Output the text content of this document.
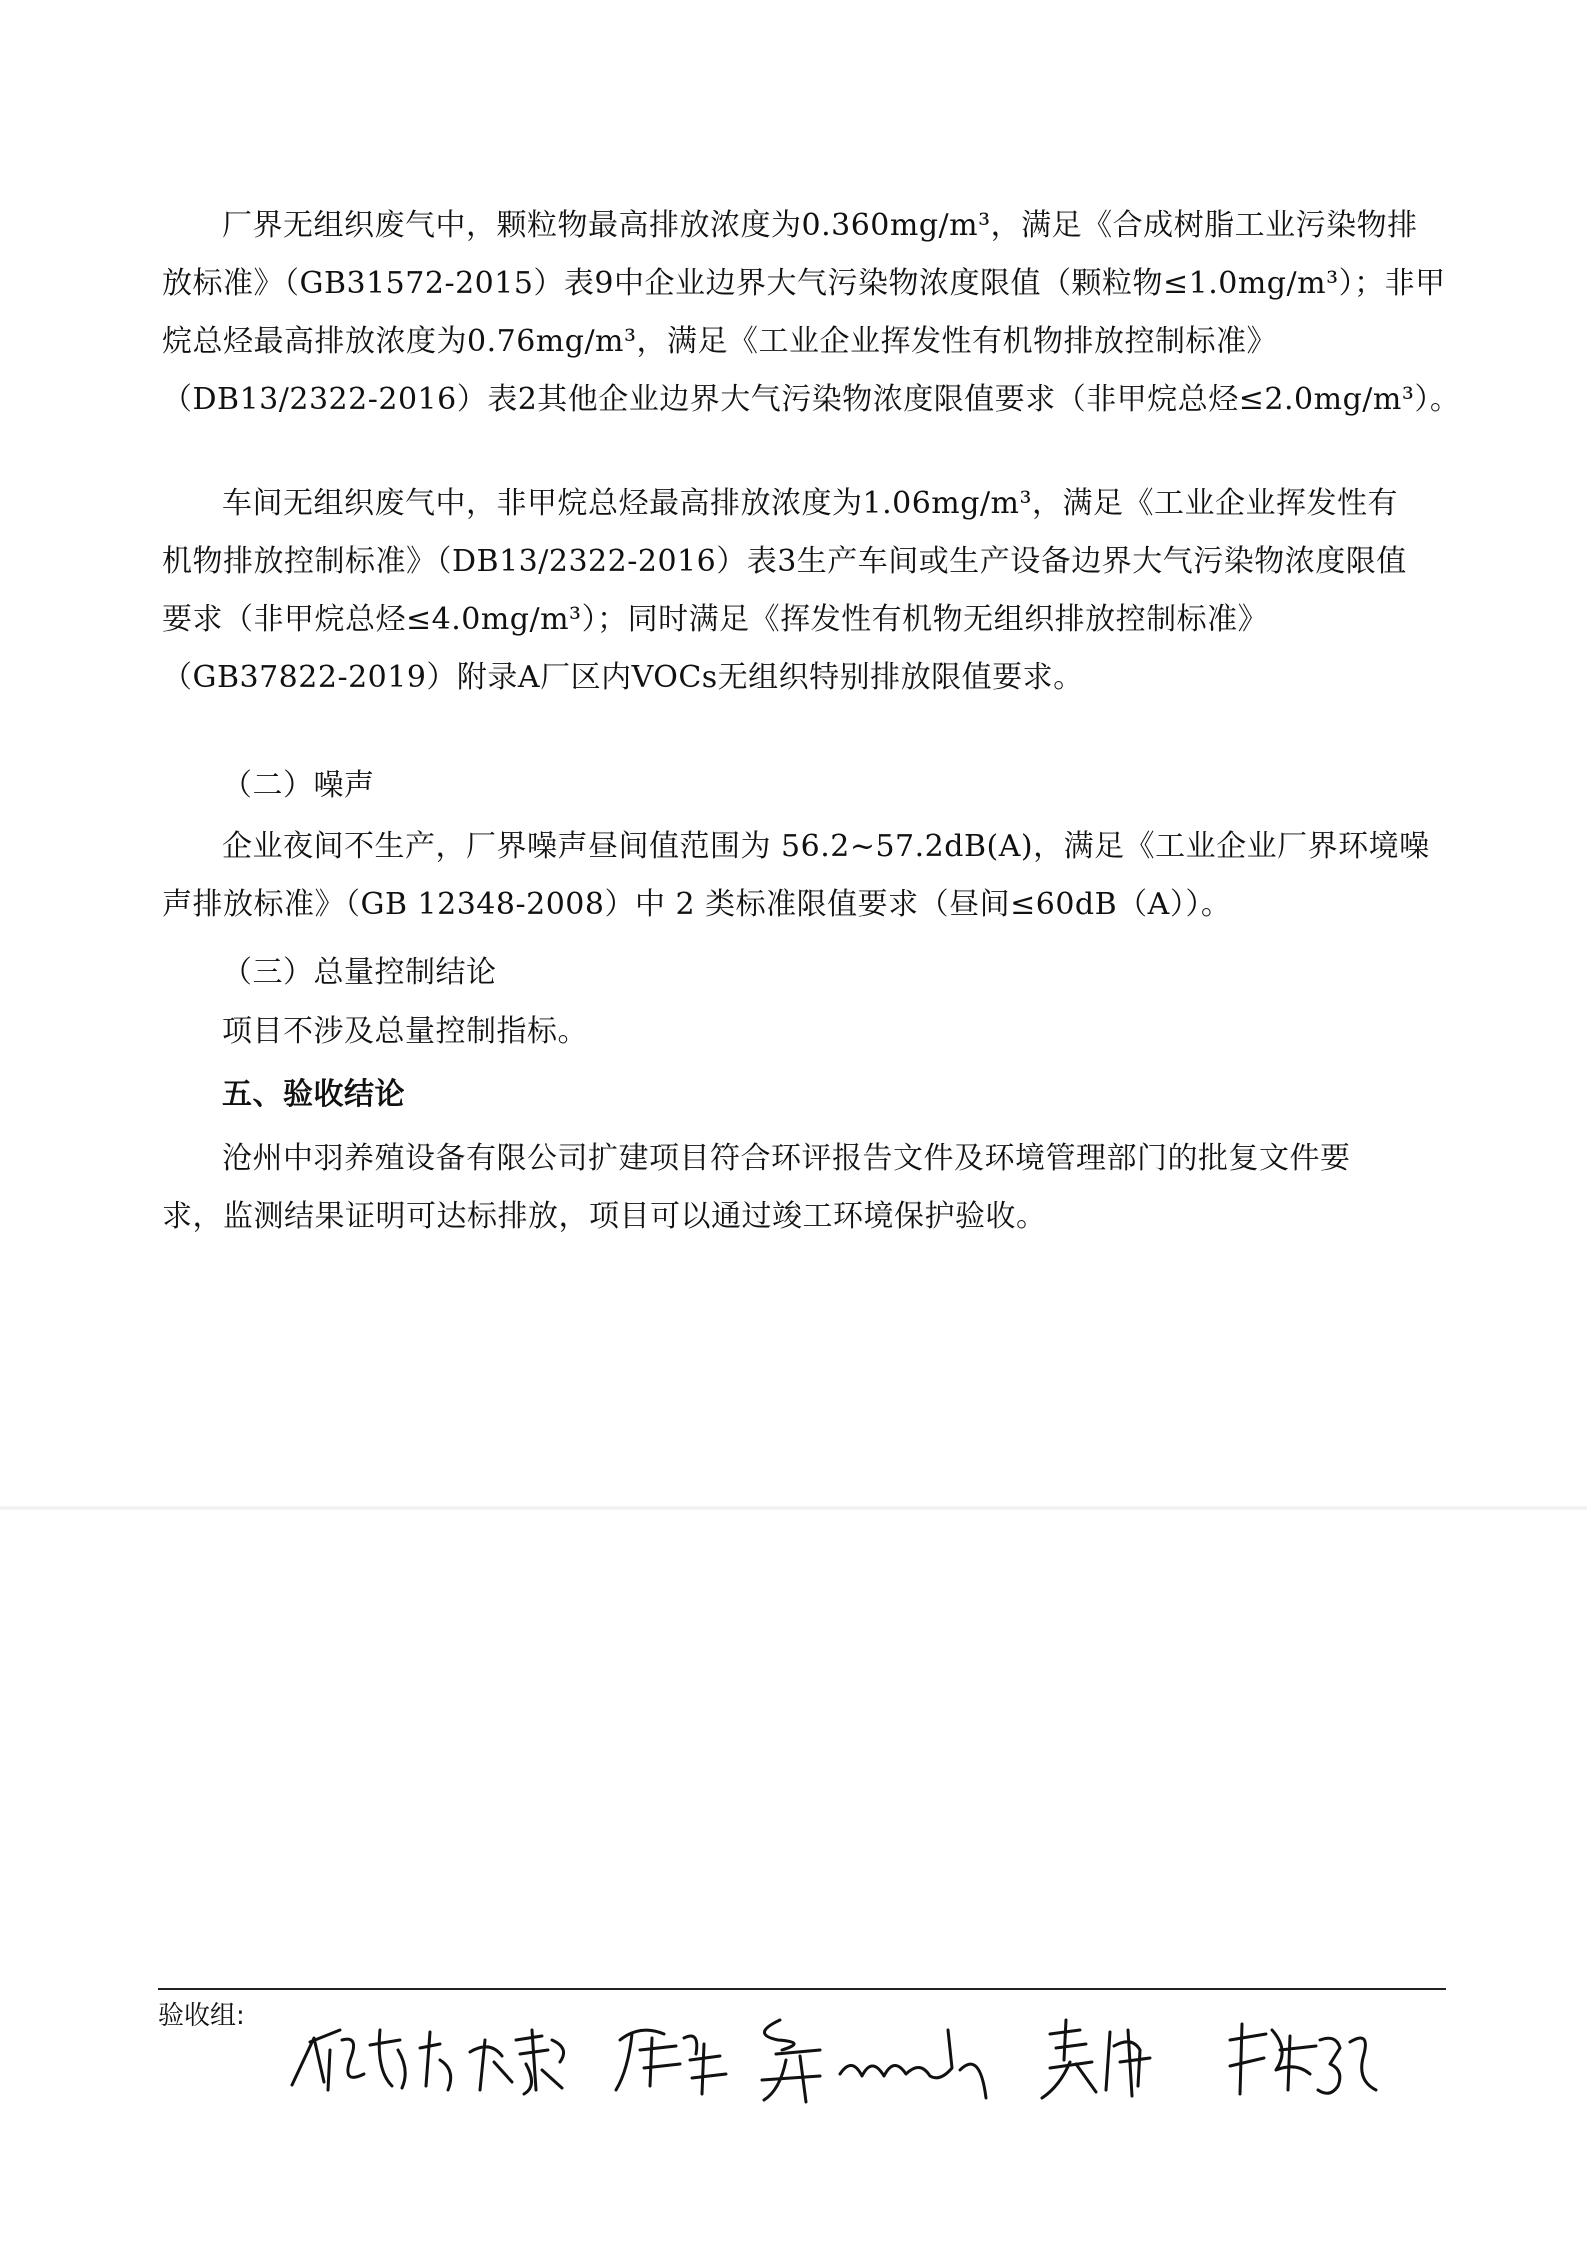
厂界无组织废气中，颗粒物最高排放浓度为0.360mg/m³，满足《合成树脂工业污染物排
放标准》（GB31572-2015）表9中企业边界大气污染物浓度限值（颗粒物≤1.0mg/m³）；非甲
烷总烃最高排放浓度为0.76mg/m³，满足《工业企业挥发性有机物排放控制标准》
（DB13/2322-2016）表2其他企业边界大气污染物浓度限值要求（非甲烷总烃≤2.0mg/m³）。
车间无组织废气中，非甲烷总烃最高排放浓度为1.06mg/m³，满足《工业企业挥发性有
机物排放控制标准》（DB13/2322-2016）表3生产车间或生产设备边界大气污染物浓度限值
要求（非甲烷总烃≤4.0mg/m³）；同时满足《挥发性有机物无组织排放控制标准》
（GB37822-2019）附录A厂区内VOCs无组织特别排放限值要求。
（二）噪声
企业夜间不生产，厂界噪声昼间值范围为 56.2~57.2dB(A)，满足《工业企业厂界环境噪
声排放标准》（GB 12348-2008）中 2 类标准限值要求（昼间≤60dB（A））。
（三）总量控制结论
项目不涉及总量控制指标。
五、验收结论
沧州中羽养殖设备有限公司扩建项目符合环评报告文件及环境管理部门的批复文件要
求，监测结果证明可达标排放，项目可以通过竣工环境保护验收。
验收组:
